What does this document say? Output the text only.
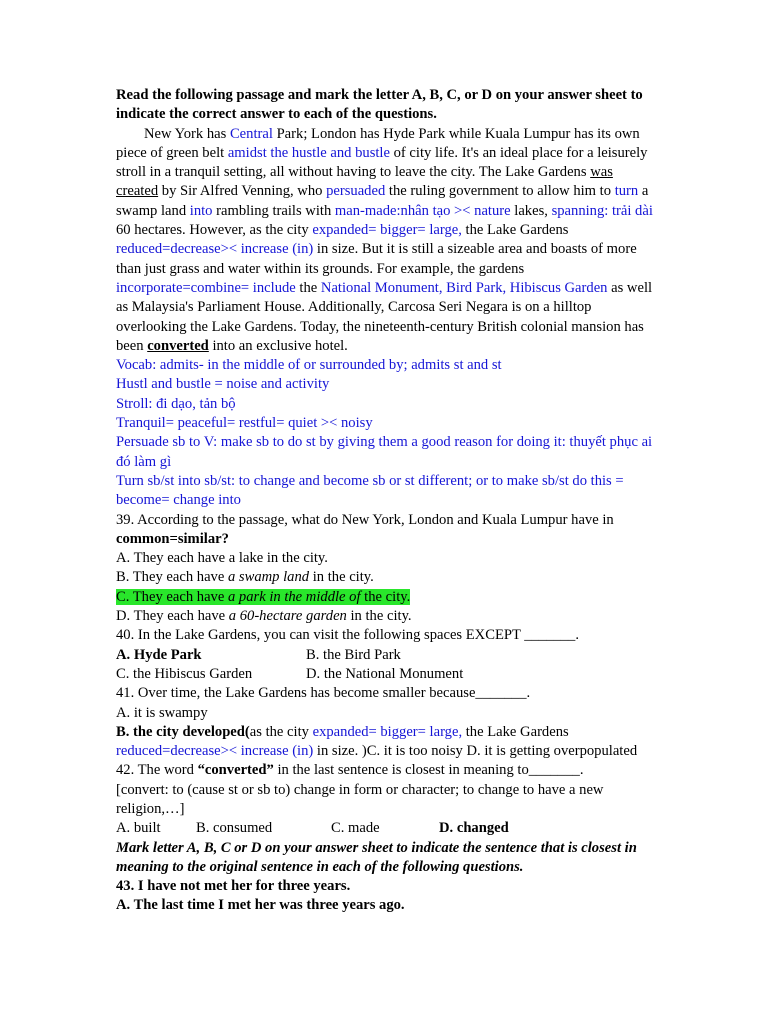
Read the following passage and mark the letter A, B, C, or D on your answer sheet to indicate the correct answer to each of the questions.

New York has Central Park; London has Hyde Park while Kuala Lumpur has its own piece of green belt amidst the hustle and bustle of city life. It's an ideal place for a leisurely stroll in a tranquil setting, all without having to leave the city. The Lake Gardens was created by Sir Alfred Venning, who persuaded the ruling government to allow him to turn a swamp land into rambling trails with man-made:nhân tạo >< nature lakes, spanning: trải dài 60 hectares. However, as the city expanded= bigger= large, the Lake Gardens reduced=decrease>< increase (in) in size. But it is still a sizeable area and boasts of more than just grass and water within its grounds. For example, the gardens incorporate=combine= include the National Monument, Bird Park, Hibiscus Garden as well as Malaysia's Parliament House. Additionally, Carcosa Seri Negara is on a hilltop overlooking the Lake Gardens. Today, the nineteenth-century British colonial mansion has been converted into an exclusive hotel.

Vocab: admits- in the middle of or surrounded by; admits st and st

Hustl and bustle = noise and activity

Stroll: đi dạo, tản bộ

Tranquil= peaceful= restful= quiet >< noisy

Persuade sb to V: make sb to do st by giving them a good reason for doing it: thuyết phục ai đó làm gì

Turn sb/st into sb/st: to change and become sb or st different; or to make sb/st do this = become= change into

39. According to the passage, what do New York, London and Kuala Lumpur have in common=similar?

A. They each have a lake in the city.

B. They each have a swamp land in the city.

C. They each have a park in the middle of the city.

D. They each have a 60-hectare garden in the city.

40. In the Lake Gardens, you can visit the following spaces EXCEPT _______.

A. Hyde Park	B. the Bird Park
C. the Hibiscus Garden	D. the National Monument

41. Over time, the Lake Gardens has become smaller because_______.

A. it is swampy

B. the city developed(as the city expanded= bigger= large, the Lake Gardens reduced=decrease>< increase (in) in size. )C. it is too noisy D. it is getting overpopulated

42. The word “converted” in the last sentence is closest in meaning to_______.

[convert: to (cause st or sb to) change in form or character; to change to have a new religion,…]

A. built	B. consumed	C. made	D. changed

Mark letter A, B, C or D on your answer sheet to indicate the sentence that is closest in meaning to the original sentence in each of the following questions.

43. I have not met her for three years.

A. The last time I met her was three years ago.
